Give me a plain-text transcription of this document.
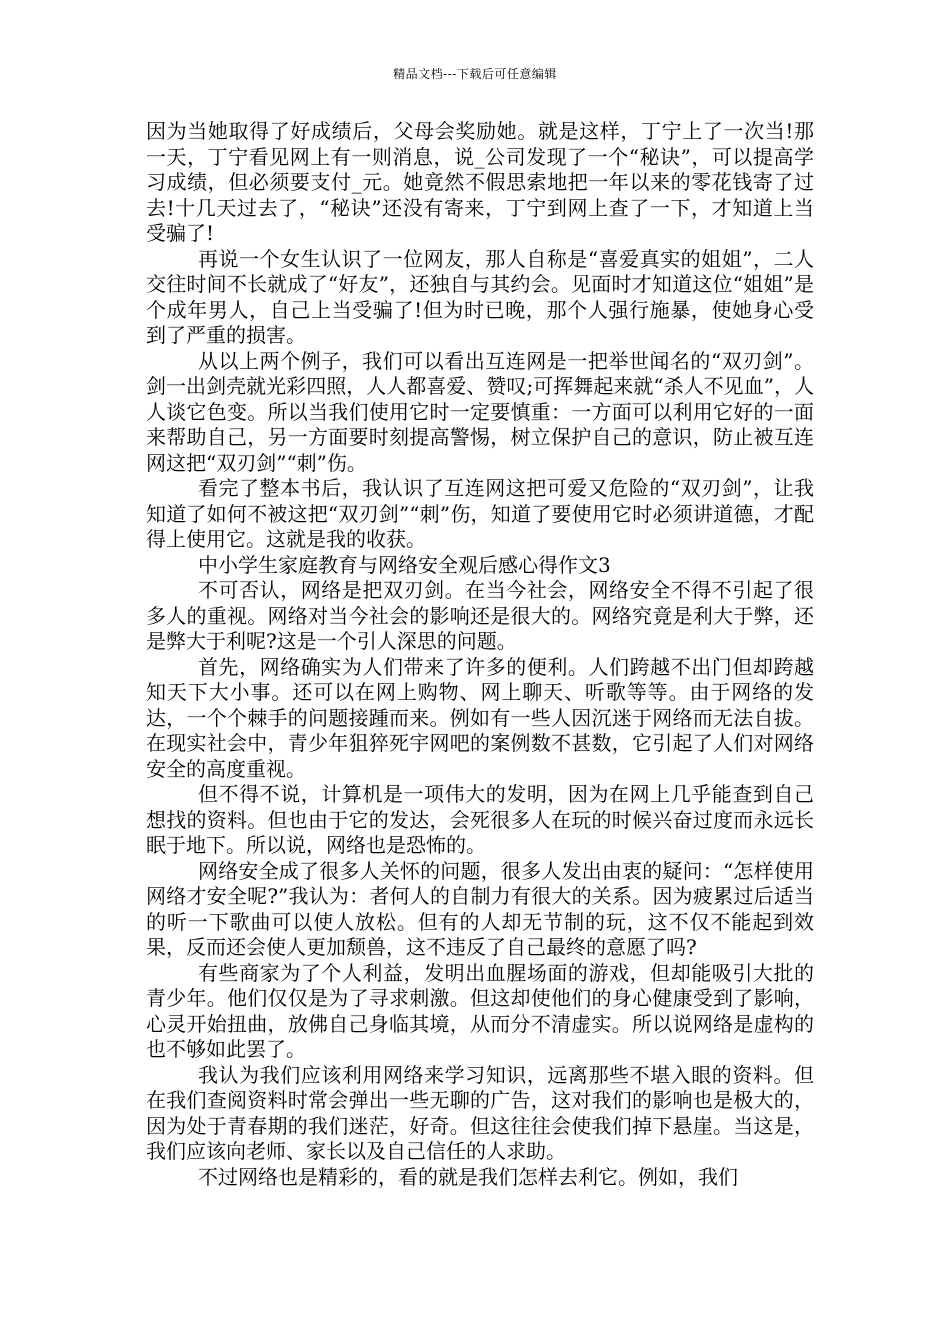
精品文档---下载后可任意编辑

因为当她取得了好成绩后，父母会奖励她。就是这样，丁宁上了一次当!那一天，丁宁看见网上有一则消息，说_公司发现了一个“秘诀”，可以提高学习成绩，但必须要支付_元。她竟然不假思索地把一年以来的零花钱寄了过去!十几天过去了，“秘诀”还没有寄来，丁宁到网上查了一下，才知道上当受骗了!

再说一个女生认识了一位网友，那人自称是“喜爱真实的姐姐”，二人交往时间不长就成了“好友”，还独自与其约会。见面时才知道这位“姐姐”是个成年男人，自己上当受骗了!但为时已晚，那个人强行施暴，使她身心受到了严重的损害。

从以上两个例子，我们可以看出互连网是一把举世闻名的“双刃剑”。剑一出剑壳就光彩四照，人人都喜爱、赞叹;可挥舞起来就“杀人不见血”，人人谈它色变。所以当我们使用它时一定要慎重：一方面可以利用它好的一面来帮助自己，另一方面要时刻提高警惕，树立保护自己的意识，防止被互连网这把“双刃剑”“刺”伤。

看完了整本书后，我认识了互连网这把可爱又危险的“双刃剑”，让我知道了如何不被这把“双刃剑”“刺”伤，知道了要使用它时必须讲道德，才配得上使用它。这就是我的收获。

中小学生家庭教育与网络安全观后感心得作文3

不可否认，网络是把双刃剑。在当今社会，网络安全不得不引起了很多人的重视。网络对当今社会的影响还是很大的。网络究竟是利大于弊，还是弊大于利呢?这是一个引人深思的问题。

首先，网络确实为人们带来了许多的便利。人们跨越不出门但却跨越知天下大小事。还可以在网上购物、网上聊天、听歌等等。由于网络的发达，一个个棘手的问题接踵而来。例如有一些人因沉迷于网络而无法自拔。在现实社会中，青少年狙猝死宇网吧的案例数不甚数，它引起了人们对网络安全的高度重视。

但不得不说，计算机是一项伟大的发明，因为在网上几乎能查到自己想找的资料。但也由于它的发达，会死很多人在玩的时候兴奋过度而永远长眠于地下。所以说，网络也是恐怖的。

网络安全成了很多人关怀的问题，很多人发出由衷的疑问：“怎样使用网络才安全呢?”我认为：者何人的自制力有很大的关系。因为疲累过后适当的听一下歌曲可以使人放松。但有的人却无节制的玩，这不仅不能起到效果，反而还会使人更加颓兽，这不违反了自己最终的意愿了吗?

有些商家为了个人利益，发明出血腥场面的游戏，但却能吸引大批的青少年。他们仅仅是为了寻求刺激。但这却使他们的身心健康受到了影响，心灵开始扭曲，放佛自己身临其境，从而分不清虚实。所以说网络是虚构的也不够如此罢了。

我认为我们应该利用网络来学习知识，远离那些不堪入眼的资料。但在我们查阅资料时常会弹出一些无聊的广告，这对我们的影响也是极大的，因为处于青春期的我们迷茫，好奇。但这往往会使我们掉下悬崖。当这是，我们应该向老师、家长以及自己信任的人求助。

不过网络也是精彩的，看的就是我们怎样去利它。例如，我们
